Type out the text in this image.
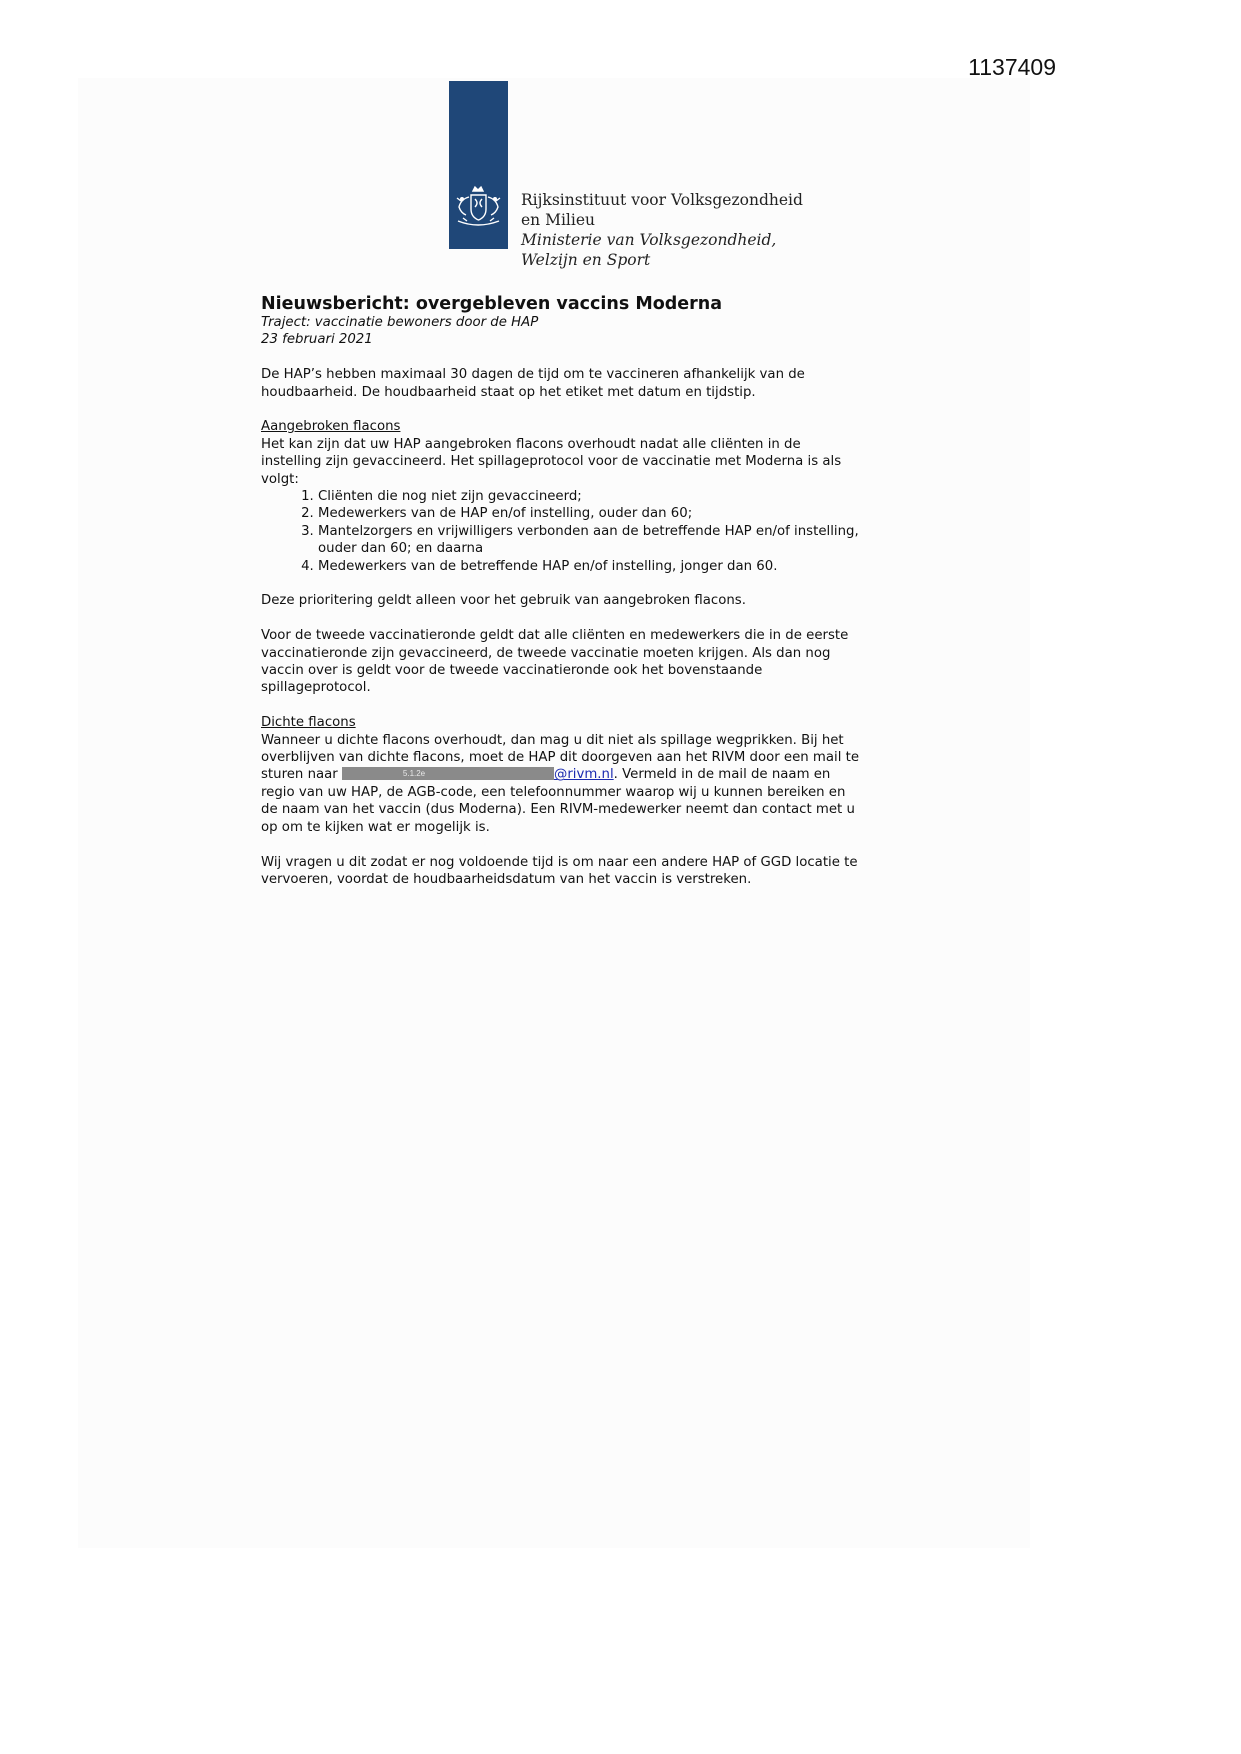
1137409
Rijksinstituut voor Volksgezondheid
en Milieu
Ministerie van Volksgezondheid,
Welzijn en Sport
Nieuwsbericht: overgebleven vaccins Moderna
Traject: vaccinatie bewoners door de HAP
23 februari 2021

De HAP’s hebben maximaal 30 dagen de tijd om te vaccineren afhankelijk van de houdbaarheid. De houdbaarheid staat op het etiket met datum en tijdstip.

Aangebroken flacons

Het kan zijn dat uw HAP aangebroken flacons overhoudt nadat alle cliënten in de instelling zijn gevaccineerd. Het spillageprotocol voor de vaccinatie met Moderna is als volgt:

1. Cliënten die nog niet zijn gevaccineerd;
2. Medewerkers van de HAP en/of instelling, ouder dan 60;
3. Mantelzorgers en vrijwilligers verbonden aan de betreffende HAP en/of instelling, ouder dan 60; en daarna
4. Medewerkers van de betreffende HAP en/of instelling, jonger dan 60.

Deze prioritering geldt alleen voor het gebruik van aangebroken flacons.

Voor de tweede vaccinatieronde geldt dat alle cliënten en medewerkers die in de eerste vaccinatieronde zijn gevaccineerd, de tweede vaccinatie moeten krijgen. Als dan nog vaccin over is geldt voor de tweede vaccinatieronde ook het bovenstaande spillageprotocol.

Dichte flacons

Wanneer u dichte flacons overhoudt, dan mag u dit niet als spillage wegprikken. Bij het overblijven van dichte flacons, moet de HAP dit doorgeven aan het RIVM door een mail te sturen naar	5.1.2e	@rivm.nl. Vermeld in de mail de naam en regio van uw HAP, de AGB-code, een telefoonnummer waarop wij u kunnen bereiken en de naam van het vaccin (dus Moderna). Een RIVM-medewerker neemt dan contact met u op om te kijken wat er mogelijk is.

Wij vragen u dit zodat er nog voldoende tijd is om naar een andere HAP of GGD locatie te vervoeren, voordat de houdbaarheidsdatum van het vaccin is verstreken.
